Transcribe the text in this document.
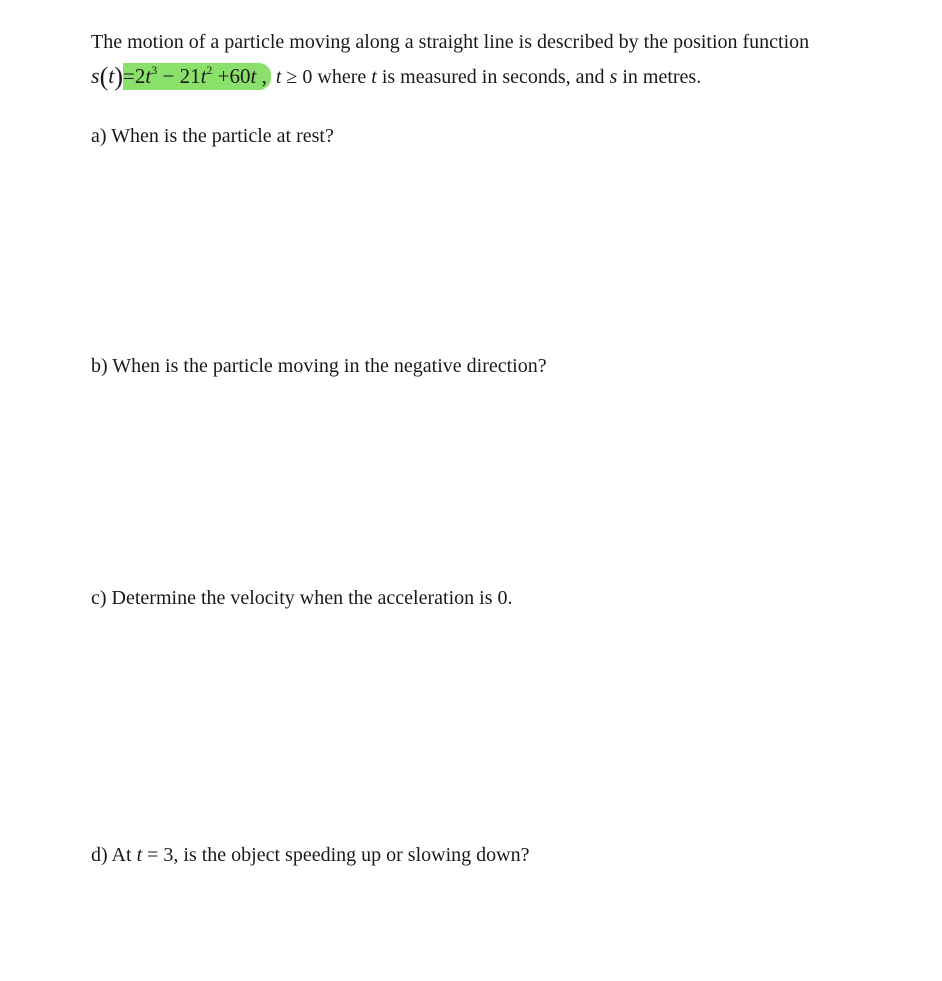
The motion of a particle moving along a straight line is described by the position function
$s(t)=2t^3 - 21t^2 +60t$ , t ≥ 0 where t is measured in seconds, and s in metres.
a) When is the particle at rest?
b) When is the particle moving in the negative direction?
c) Determine the velocity when the acceleration is 0.
d) At t = 3, is the object speeding up or slowing down?
